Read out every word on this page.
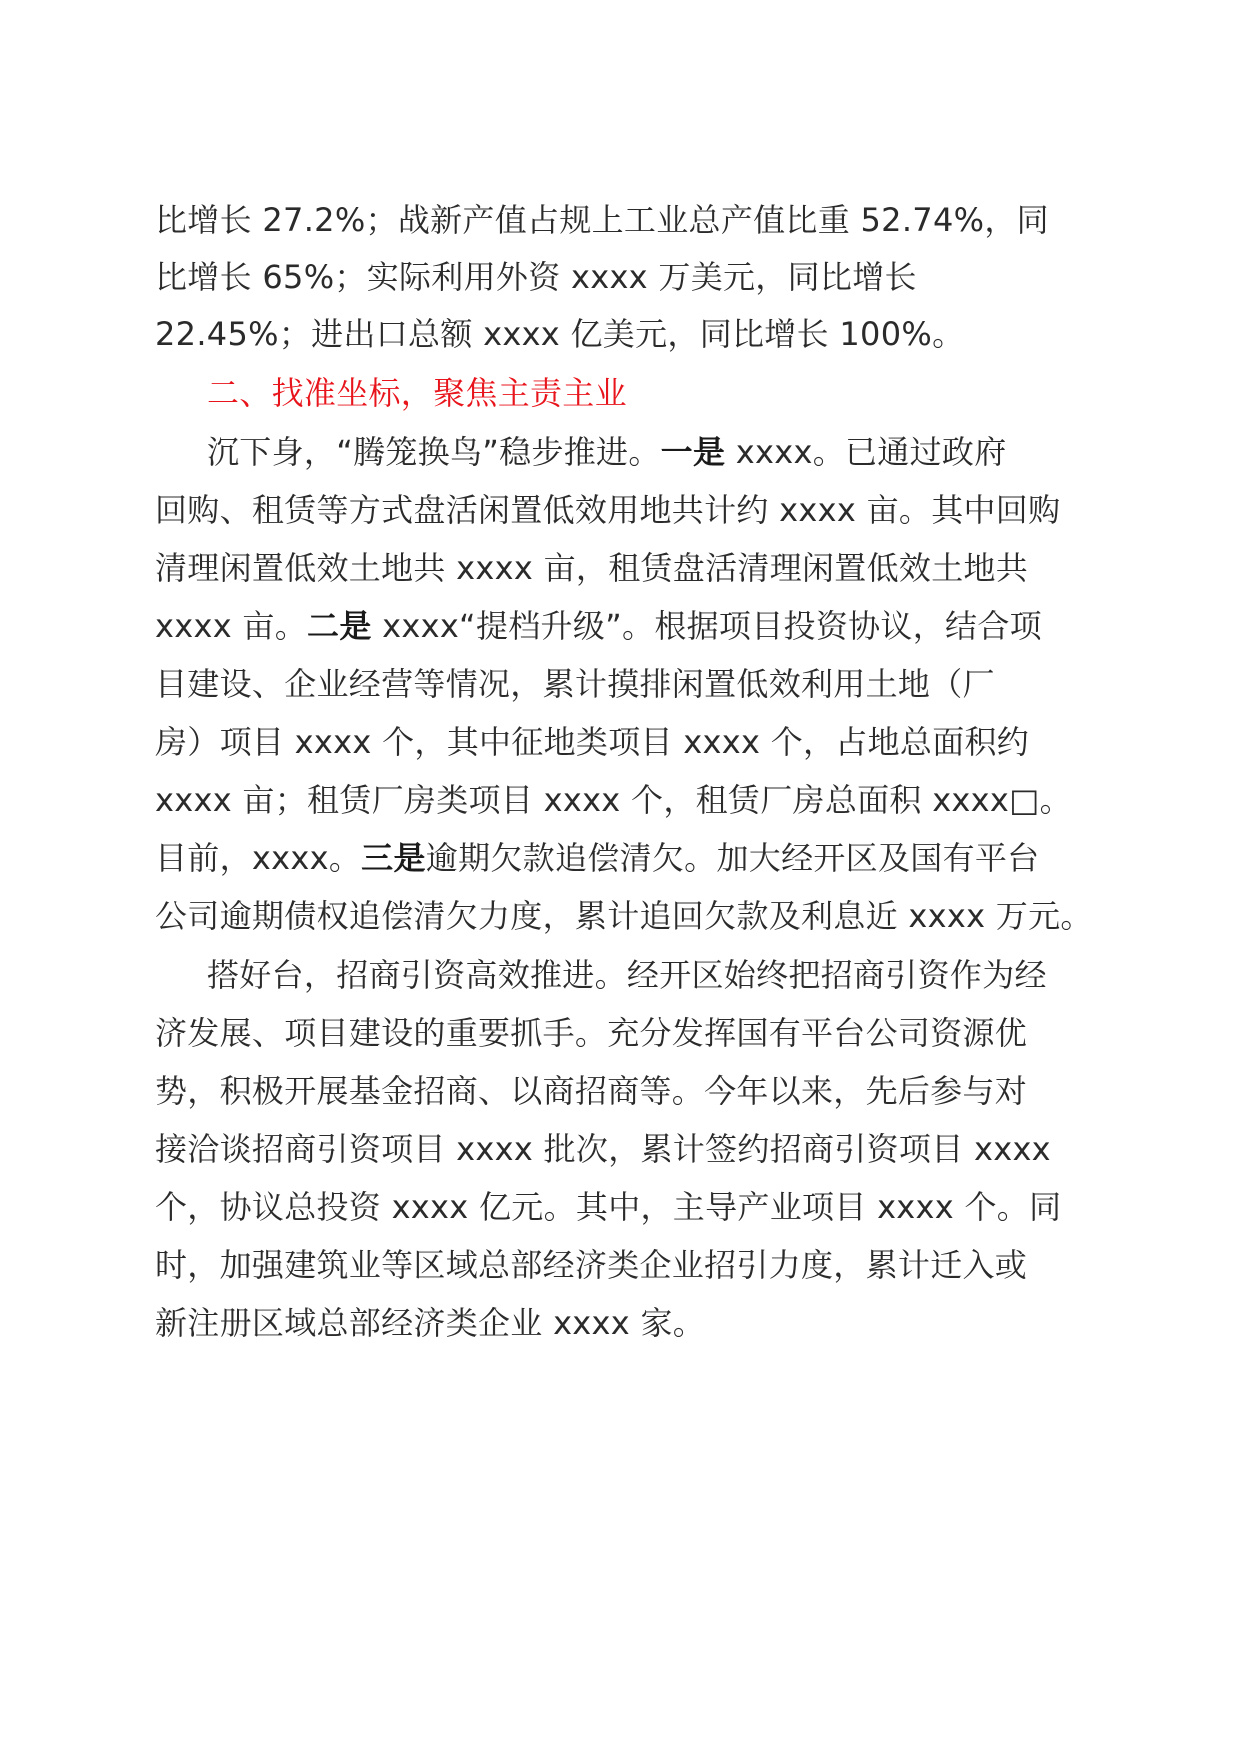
比增长 27.2%；战新产值占规上工业总产值比重 52.74%，同
比增长 65%；实际利用外资 xxxx 万美元，同比增长
22.45%；进出口总额 xxxx 亿美元，同比增长 100%。
二、找准坐标，聚焦主责主业
沉下身，“腾笼换鸟”稳步推进。一是 xxxx。已通过政府
回购、租赁等方式盘活闲置低效用地共计约 xxxx 亩。其中回购
清理闲置低效土地共 xxxx 亩，租赁盘活清理闲置低效土地共
xxxx 亩。二是 xxxx“提档升级”。根据项目投资协议，结合项
目建设、企业经营等情况，累计摸排闲置低效利用土地（厂
房）项目 xxxx 个，其中征地类项目 xxxx 个，占地总面积约
xxxx 亩；租赁厂房类项目 xxxx 个，租赁厂房总面积 xxxx□。
目前，xxxx。三是逾期欠款追偿清欠。加大经开区及国有平台
公司逾期债权追偿清欠力度，累计追回欠款及利息近 xxxx 万元。
搭好台，招商引资高效推进。经开区始终把招商引资作为经
济发展、项目建设的重要抓手。充分发挥国有平台公司资源优
势，积极开展基金招商、以商招商等。今年以来，先后参与对
接洽谈招商引资项目 xxxx 批次，累计签约招商引资项目 xxxx
个，协议总投资 xxxx 亿元。其中，主导产业项目 xxxx 个。同
时，加强建筑业等区域总部经济类企业招引力度，累计迁入或
新注册区域总部经济类企业 xxxx 家。
